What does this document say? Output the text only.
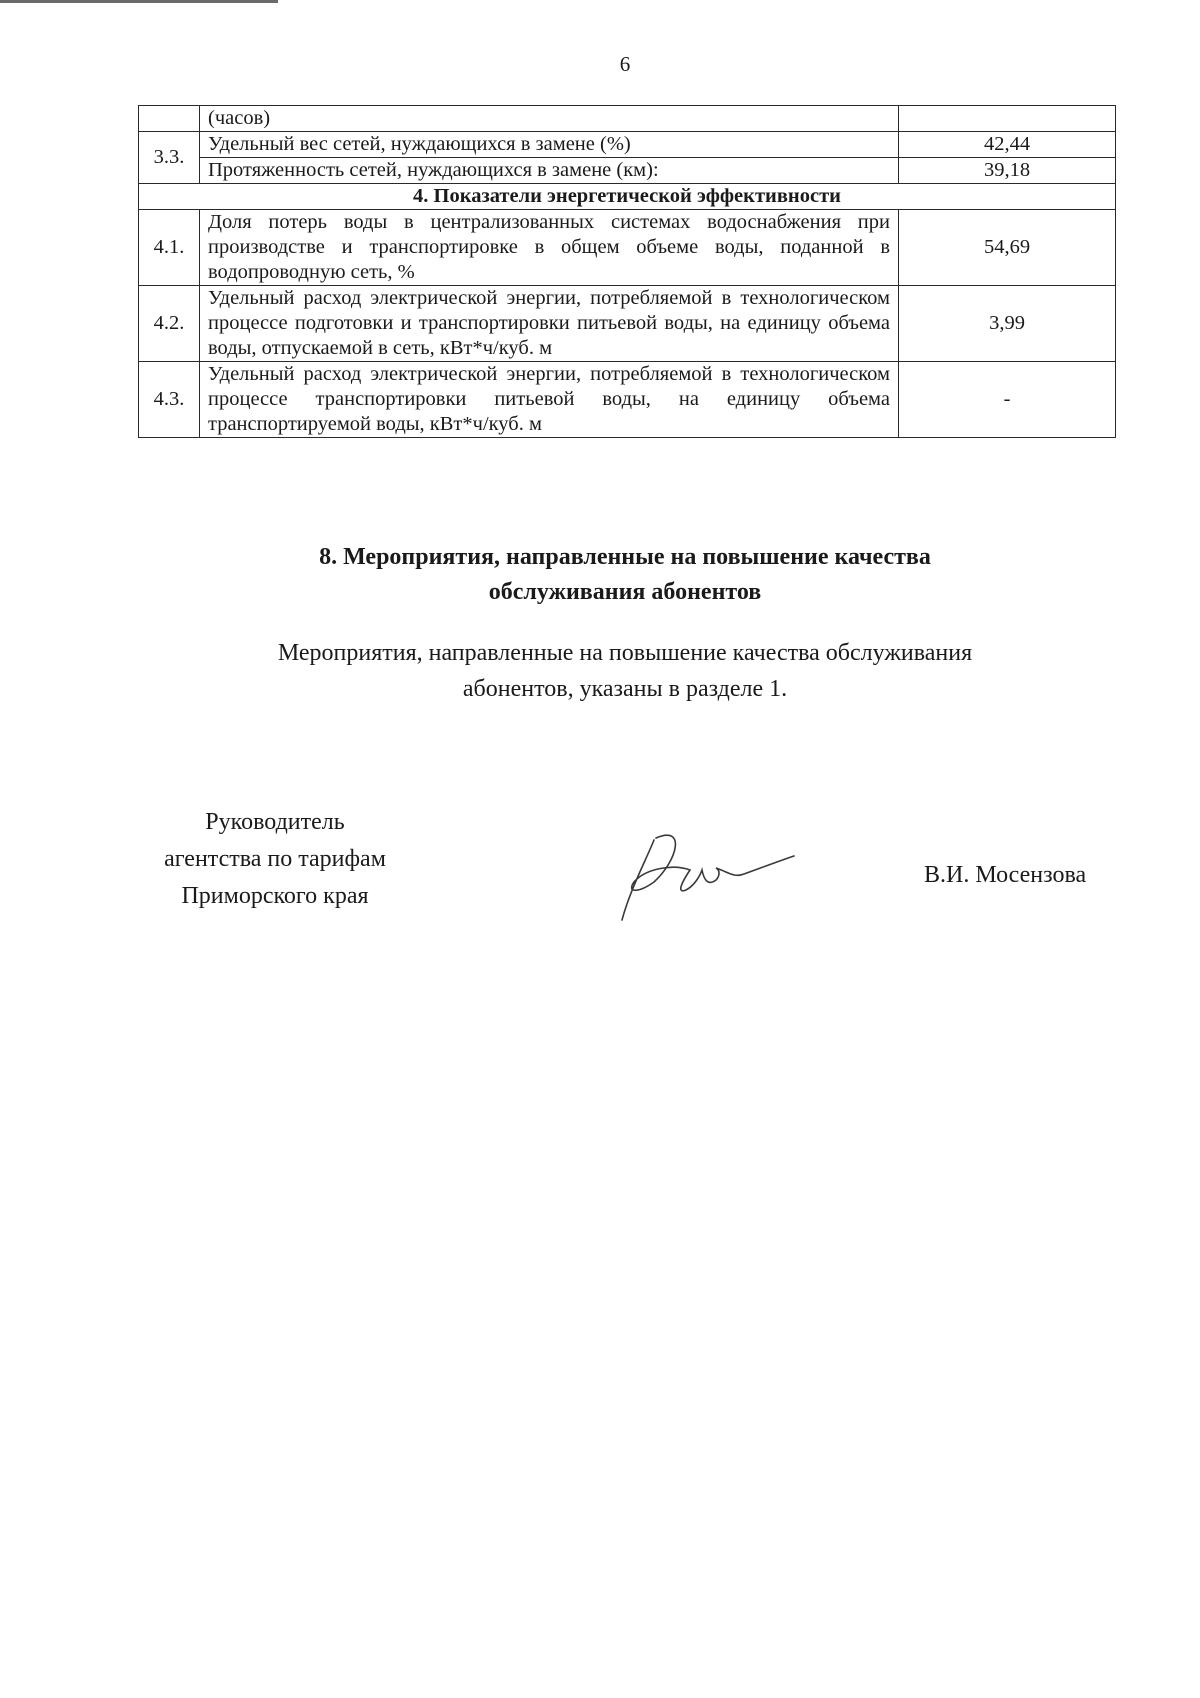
6
	(часов)	
3.3.	Удельный вес сетей, нуждающихся в замене (%)	42,44
	Протяженность сетей, нуждающихся в замене (км):	39,18
4. Показатели энергетической эффективности		
4.1.	Доля потерь воды в централизованных системах водоснабжения при производстве и транспортировке в общем объеме воды, поданной в водопроводную сеть, %	54,69
4.2.	Удельный расход электрической энергии, потребляемой в технологическом процессе подготовки и транспортировки питьевой воды, на единицу объема воды, отпускаемой в сеть, кВт*ч/куб. м	3,99
4.3.	Удельный расход электрической энергии, потребляемой в технологическом процессе транспортировки питьевой воды, на единицу объема транспортируемой воды, кВт*ч/куб. м	-
8. Мероприятия, направленные на повышение качества
обслуживания абонентов
Мероприятия, направленные на повышение качества обслуживания
абонентов, указаны в разделе 1.
Руководитель
агентства по тарифам
Приморского края
В.И. Мосензова
